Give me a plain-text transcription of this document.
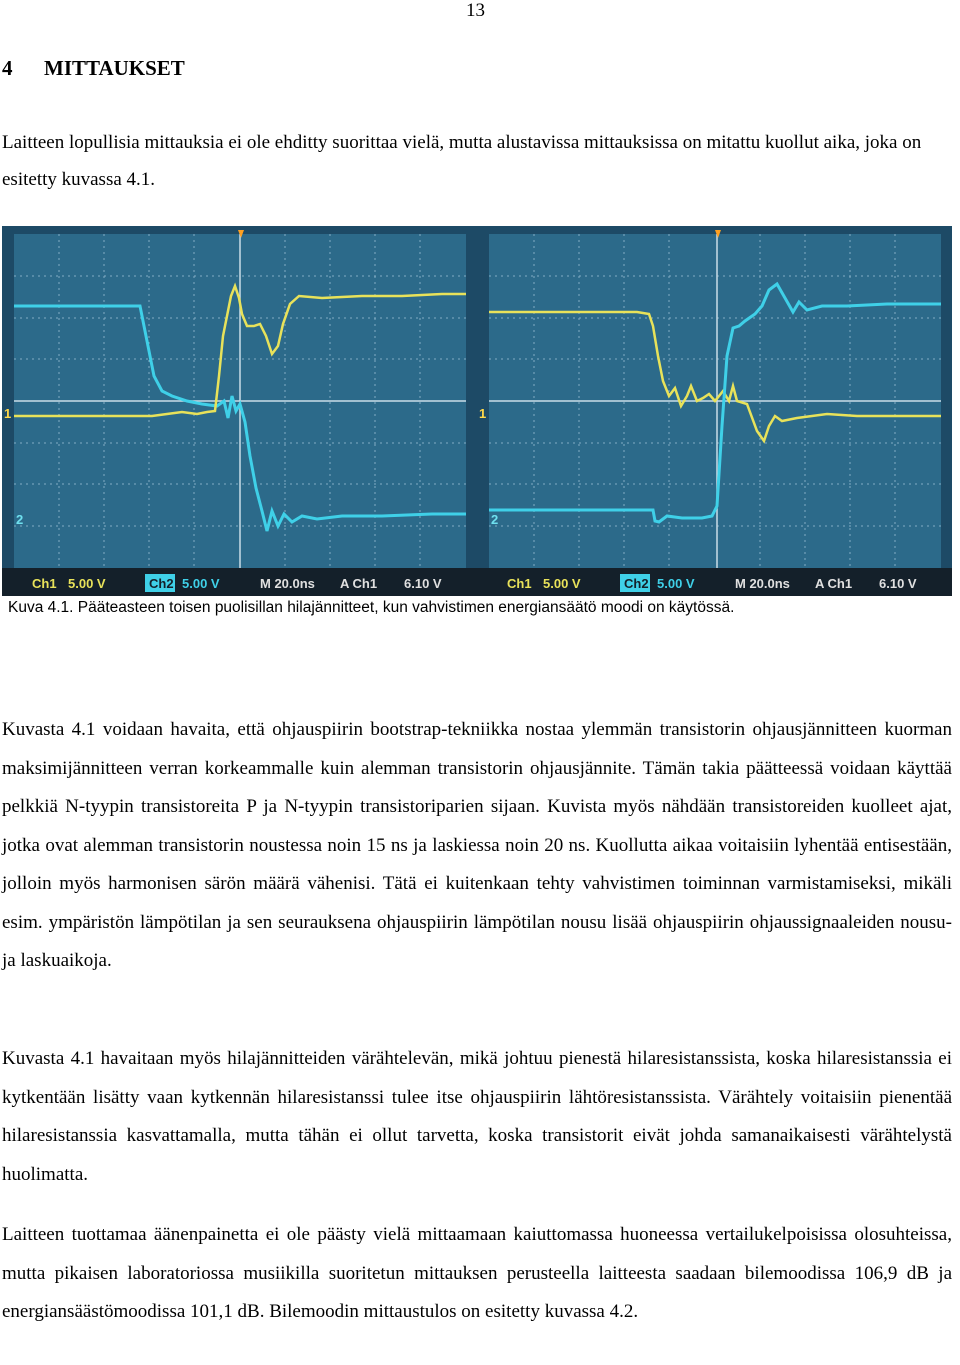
13
4 MITTAUKSET

Laitteen lopullisia mittauksia ei ole ehditty suorittaa vielä, mutta alustavissa mittauksissa on mitattu kuollut aika, joka on esitetty kuvassa 4.1.

1
2
Ch1 5.00 V	Ch2 5.00 V	M 20.0ns A Ch1 6.10 V
1
2
Ch1 5.00 V	Ch2 5.00 V	M 20.0ns A Ch1 6.10 V
Kuva 4.1. Pääteasteen toisen puolisillan hilajännitteet, kun vahvistimen energiansäätö moodi on käytössä.

Kuvasta 4.1 voidaan havaita, että ohjauspiirin bootstrap-tekniikka nostaa ylemmän transistorin ohjausjännitteen kuorman maksimijännitteen verran korkeammalle kuin alemman transistorin ohjausjännite. Tämän takia päätteessä voidaan käyttää pelkkiä N-tyypin transistoreita P ja N-tyypin transistoriparien sijaan. Kuvista myös nähdään transistoreiden kuolleet ajat, jotka ovat alemman transistorin noustessa noin 15 ns ja laskiessa noin 20 ns. Kuollutta aikaa voitaisiin lyhentää entisestään, jolloin myös harmonisen särön määrä vähenisi. Tätä ei kuitenkaan tehty vahvistimen toiminnan varmistamiseksi, mikäli esim. ympäristön lämpötilan ja sen seurauksena ohjauspiirin lämpötilan nousu lisää ohjauspiirin ohjaussignaaleiden nousu- ja laskuaikoja.

Kuvasta 4.1 havaitaan myös hilajännitteiden värähtelevän, mikä johtuu pienestä hilaresistanssista, koska hilaresistanssia ei kytkentään lisätty vaan kytkennän hilaresistanssi tulee itse ohjauspiirin lähtöresistanssista. Värähtely voitaisiin pienentää hilaresistanssia kasvattamalla, mutta tähän ei ollut tarvetta, koska transistorit eivät johda samanaikaisesti värähtelystä huolimatta.

Laitteen tuottamaa äänenpainetta ei ole päästy vielä mittaamaan kaiuttomassa huoneessa vertailukelpoisissa olosuhteissa, mutta pikaisen laboratoriossa musiikilla suoritetun mittauksen perusteella laitteesta saadaan bilemoodissa 106,9 dB ja energiansäästömoodissa 101,1 dB. Bilemoodin mittaustulos on esitetty kuvassa 4.2.
